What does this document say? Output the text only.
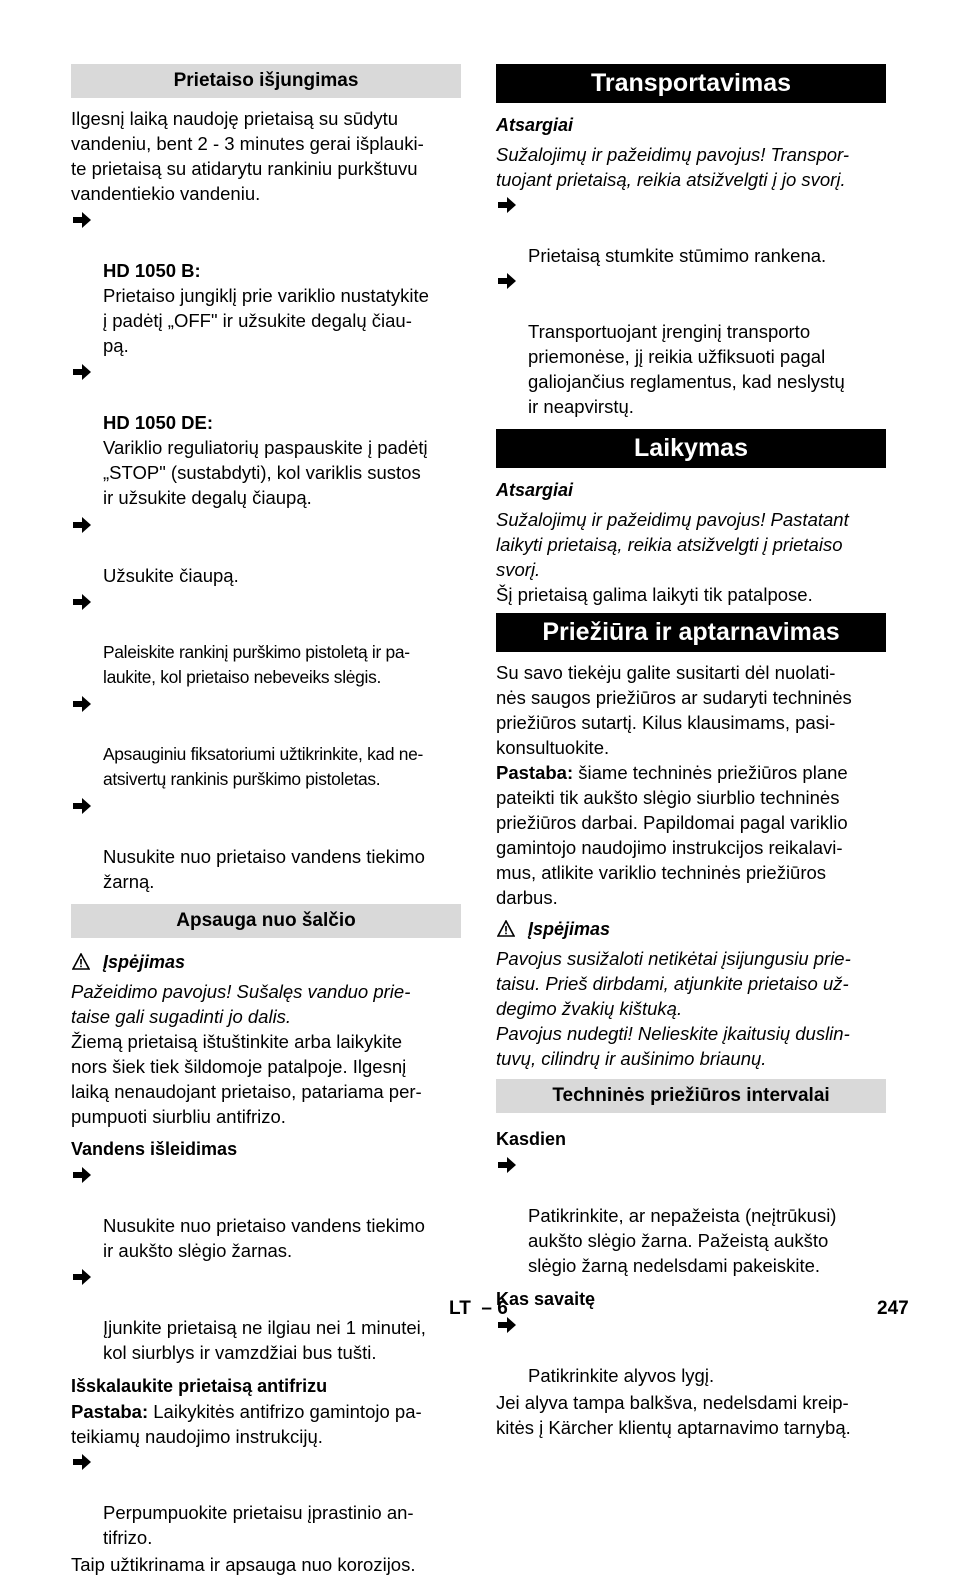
Prietaiso išjungimas

Ilgesnį laiką naudoję prietaisą su sūdytu
vandeniu, bent 2 - 3 minutes gerai išplauki-
te prietaisą su atidarytu rankiniu purkštuvu
vandentiekio vandeniu.

HD 1050 B:

Prietaiso jungiklį prie variklio nustatykite
į padėtį „OFF" ir užsukite degalų čiau-
pą.

HD 1050 DE:

Variklio reguliatorių paspauskite į padėtį
„STOP" (sustabdyti), kol variklis sustos
ir užsukite degalų čiaupą.

Užsukite čiaupą.

Paleiskite rankinį purškimo pistoletą ir pa-
laukite, kol prietaiso nebeveiks slėgis.

Apsauginiu fiksatoriumi užtikrinkite, kad ne-
atsivertų rankinis purškimo pistoletas.

Nusukite nuo prietaiso vandens tiekimo
žarną.

Apsauga nuo šalčio
Įspėjimas

Pažeidimo pavojus! Sušalęs vanduo prie-
taise gali sugadinti jo dalis.

Žiemą prietaisą ištuštinkite arba laikykite
nors šiek tiek šildomoje patalpoje. Ilgesnį
laiką nenaudojant prietaiso, patariama per-
pumpuoti siurbliu antifrizo.

Vandens išleidimas

Nusukite nuo prietaiso vandens tiekimo
ir aukšto slėgio žarnas.

Įjunkite prietaisą ne ilgiau nei 1 minutei,
kol siurblys ir vamzdžiai bus tušti.

Išskalaukite prietaisą antifrizu

Pastaba: Laikykitės antifrizo gamintojo pa-
teikiamų naudojimo instrukcijų.

Perpumpuokite prietaisu įprastinio an-
tifrizo.

Taip užtikrinama ir apsauga nuo korozijos.

Transportavimas
Atsargiai

Sužalojimų ir pažeidimų pavojus! Transpor-
tuojant prietaisą, reikia atsižvelgti į jo svorį.

Prietaisą stumkite stūmimo rankena.

Transportuojant įrenginį transporto
priemonėse, jį reikia užfiksuoti pagal
galiojančius reglamentus, kad neslystų
ir neapvirstų.

Laikymas
Atsargiai

Sužalojimų ir pažeidimų pavojus! Pastatant
laikyti prietaisą, reikia atsižvelgti į prietaiso
svorį.

Šį prietaisą galima laikyti tik patalpose.

Priežiūra ir aptarnavimas

Su savo tiekėju galite susitarti dėl nuolati-
nės saugos priežiūros ar sudaryti techninės
priežiūros sutartį. Kilus klausimams, pasi-
konsultuokite.

Pastaba: šiame techninės priežiūros plane
pateikti tik aukšto slėgio siurblio techninės
priežiūros darbai. Papildomai pagal variklio
gamintojo naudojimo instrukcijos reikalavi-
mus, atlikite variklio techninės priežiūros
darbus.

Įspėjimas

Pavojus susižaloti netikėtai įsijungusiu prie-
taisu. Prieš dirbdami, atjunkite prietaiso už-
degimo žvakių kištuką.
Pavojus nudegti! Nelieskite įkaitusių duslin-
tuvų, cilindrų ir aušinimo briaunų.

Techninės priežiūros intervalai
Kasdien

Patikrinkite, ar nepažeista (neįtrūkusi)
aukšto slėgio žarna. Pažeistą aukšto
slėgio žarną nedelsdami pakeiskite.

Kas savaitę

Patikrinkite alyvos lygį.

Jei alyva tampa balkšva, nedelsdami kreip-
kitės į Kärcher klientų aptarnavimo tarnybą.

LT  – 6	247
